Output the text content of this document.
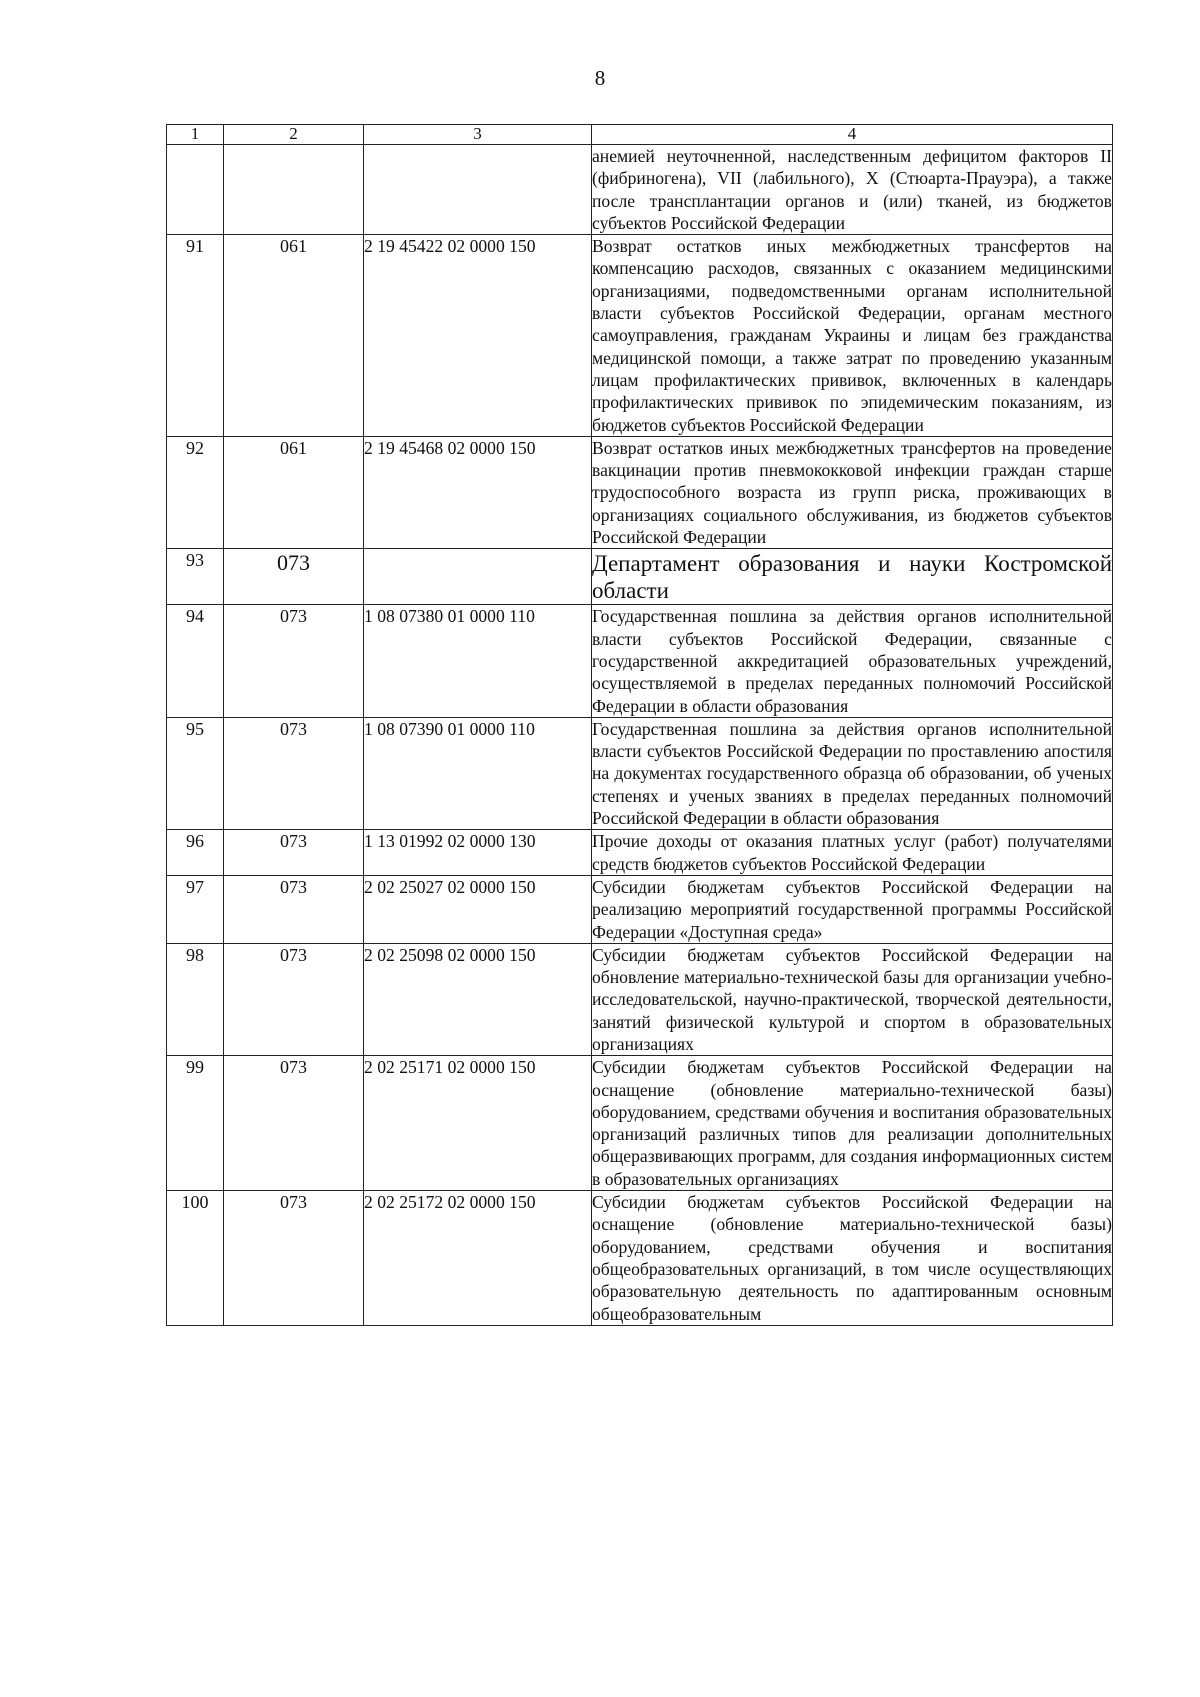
8
1	2	3	4
			анемией неуточненной, наследственным дефицитом факторов II (фибриногена), VII (лабильного), X (Стюарта-Прауэра), а также после трансплантации органов и (или) тканей, из бюджетов субъектов Российской Федерации
91	061	2 19 45422 02 0000 150	Возврат остатков иных межбюджетных трансфертов на компенсацию расходов, связанных с оказанием медицинскими организациями, подведомственными органам исполнительной власти субъектов Российской Федерации, органам местного самоуправления, гражданам Украины и лицам без гражданства медицинской помощи, а также затрат по проведению указанным лицам профилактических прививок, включенных в календарь профилактических прививок по эпидемическим показаниям, из бюджетов субъектов Российской Федерации
92	061	2 19 45468 02 0000 150	Возврат остатков иных межбюджетных трансфертов на проведение вакцинации против пневмококковой инфекции граждан старше трудоспособного возраста из групп риска, проживающих в организациях социального обслуживания, из бюджетов субъектов Российской Федерации
93	073		Департамент образования и науки Костромской области
94	073	1 08 07380 01 0000 110	Государственная пошлина за действия органов исполнительной власти субъектов Российской Федерации, связанные с государственной аккредитацией образовательных учреждений, осуществляемой в пределах переданных полномочий Российской Федерации в области образования
95	073	1 08 07390 01 0000 110	Государственная пошлина за действия органов исполнительной власти субъектов Российской Федерации по проставлению апостиля на документах государственного образца об образовании, об ученых степенях и ученых званиях в пределах переданных полномочий Российской Федерации в области образования
96	073	1 13 01992 02 0000 130	Прочие доходы от оказания платных услуг (работ) получателями средств бюджетов субъектов Российской Федерации
97	073	2 02 25027 02 0000 150	Субсидии бюджетам субъектов Российской Федерации на реализацию мероприятий государственной программы Российской Федерации «Доступная среда»
98	073	2 02 25098 02 0000 150	Субсидии бюджетам субъектов Российской Федерации на обновление материально-технической базы для организации учебно-исследовательской, научно-практической, творческой деятельности, занятий физической культурой и спортом в образовательных организациях
99	073	2 02 25171 02 0000 150	Субсидии бюджетам субъектов Российской Федерации на оснащение (обновление материально-технической базы) оборудованием, средствами обучения и воспитания образовательных организаций различных типов для реализации дополнительных общеразвивающих программ, для создания информационных систем в образовательных организациях
100	073	2 02 25172 02 0000 150	Субсидии бюджетам субъектов Российской Федерации на оснащение (обновление материально-технической базы) оборудованием, средствами обучения и воспитания общеобразовательных организаций, в том числе осуществляющих образовательную деятельность по адаптированным основным общеобразовательным
